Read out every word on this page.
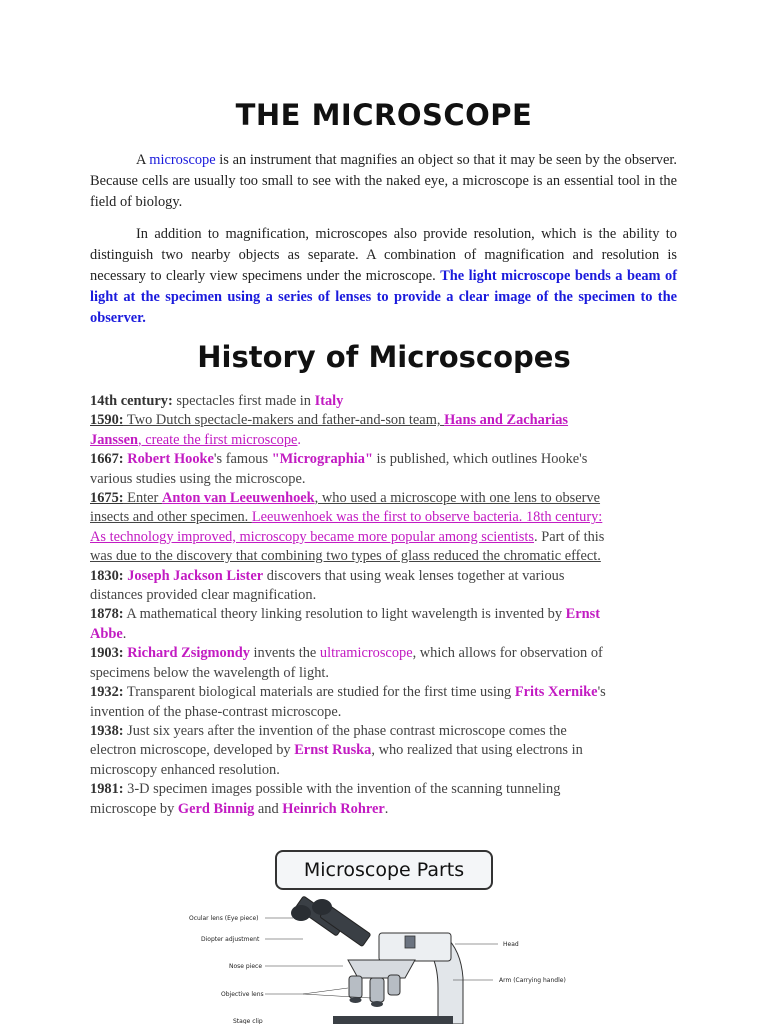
THE MICROSCOPE
A microscope is an instrument that magnifies an object so that it may be seen by the observer. Because cells are usually too small to see with the naked eye, a microscope is an essential tool in the field of biology.
In addition to magnification, microscopes also provide resolution, which is the ability to distinguish two nearby objects as separate. A combination of magnification and resolution is necessary to clearly view specimens under the microscope. The light microscope bends a beam of light at the specimen using a series of lenses to provide a clear image of the specimen to the observer.
History of Microscopes
14th century: spectacles first made in Italy
1590: Two Dutch spectacle-makers and father-and-son team, Hans and Zacharias
Janssen, create the first microscope.
1667: Robert Hooke's famous "Micrographia" is published, which outlines Hooke's
various studies using the microscope.
1675: Enter Anton van Leeuwenhoek, who used a microscope with one lens to observe
insects and other specimen. Leeuwenhoek was the first to observe bacteria. 18th century:
As technology improved, microscopy became more popular among scientists. Part of this
was due to the discovery that combining two types of glass reduced the chromatic effect.
1830: Joseph Jackson Lister discovers that using weak lenses together at various
distances provided clear magnification.
1878: A mathematical theory linking resolution to light wavelength is invented by Ernst
Abbe.
1903: Richard Zsigmondy invents the ultramicroscope, which allows for observation of
specimens below the wavelength of light.
1932: Transparent biological materials are studied for the first time using Frits Xernike's
invention of the phase-contrast microscope.
1938: Just six years after the invention of the phase contrast microscope comes the
electron microscope, developed by Ernst Ruska, who realized that using electrons in
microscopy enhanced resolution.
1981: 3-D specimen images possible with the invention of the scanning tunneling
microscope by Gerd Binnig and Heinrich Rohrer.
Microscope Parts
Ocular lens (Eye piece)
Diopter adjustment
Nose piece
Objective lens
Stage clip
Head
Arm (Carrying handle)
